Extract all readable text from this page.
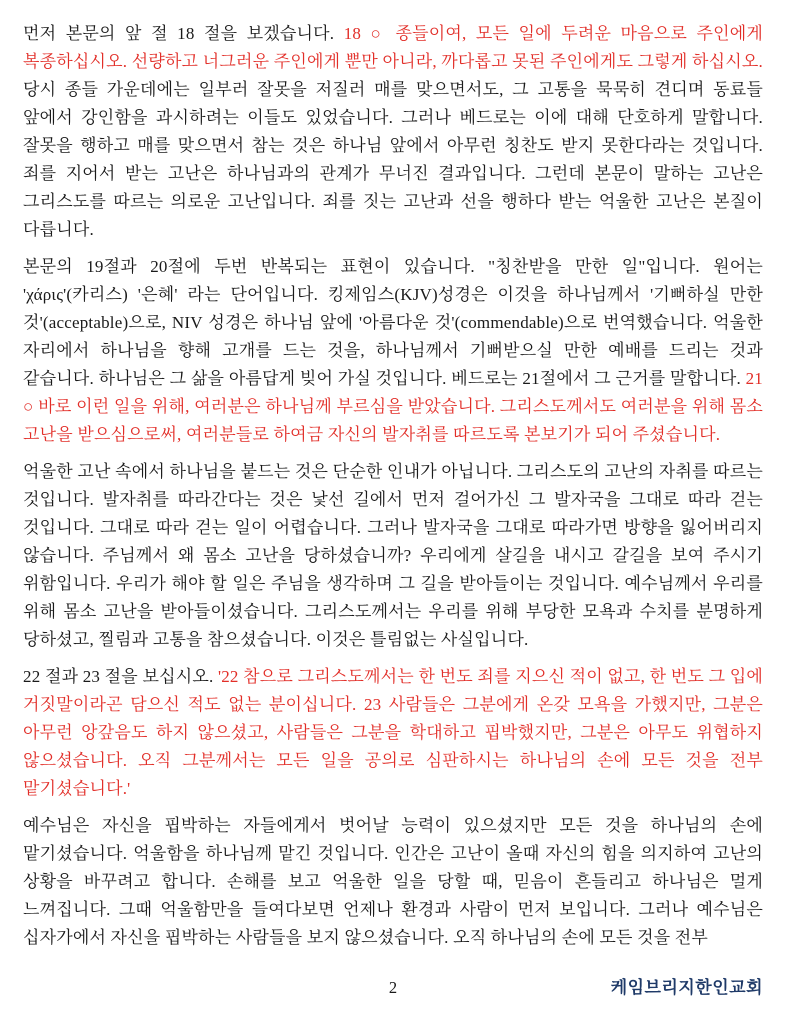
먼저 본문의 앞 절 18 절을 보겠습니다. 18 ○ 종들이여, 모든 일에 두려운 마음으로 주인에게 복종하십시오. 선량하고 너그러운 주인에게 뿐만 아니라, 까다롭고 못된 주인에게도 그렇게 하십시오. 당시 종들 가운데에는 일부러 잘못을 저질러 매를 맞으면서도, 그 고통을 묵묵히 견디며 동료들 앞에서 강인함을 과시하려는 이들도 있었습니다. 그러나 베드로는 이에 대해 단호하게 말합니다. 잘못을 행하고 매를 맞으면서 참는 것은 하나님 앞에서 아무런 칭찬도 받지 못한다라는 것입니다. 죄를 지어서 받는 고난은 하나님과의 관계가 무너진 결과입니다. 그런데 본문이 말하는 고난은 그리스도를 따르는 의로운 고난입니다. 죄를 짓는 고난과 선을 행하다 받는 억울한 고난은 본질이 다릅니다.

본문의 19절과 20절에 두번 반복되는 표현이 있습니다. "칭찬받을 만한 일"입니다. 원어는 'χάρις'(카리스) '은혜' 라는 단어입니다. 킹제임스(KJV)성경은 이것을 하나님께서 '기뻐하실 만한 것'(acceptable)으로, NIV 성경은 하나님 앞에 '아름다운 것'(commendable)으로 번역했습니다. 억울한 자리에서 하나님을 향해 고개를 드는 것을, 하나님께서 기뻐받으실 만한 예배를 드리는 것과 같습니다. 하나님은 그 삶을 아름답게 빚어 가실 것입니다. 베드로는 21절에서 그 근거를 말합니다. 21 ○ 바로 이런 일을 위해, 여러분은 하나님께 부르심을 받았습니다. 그리스도께서도 여러분을 위해 몸소 고난을 받으심으로써, 여러분들로 하여금 자신의 발자취를 따르도록 본보기가 되어 주셨습니다.

억울한 고난 속에서 하나님을 붙드는 것은 단순한 인내가 아닙니다. 그리스도의 고난의 자취를 따르는 것입니다. 발자취를 따라간다는 것은 낯선 길에서 먼저 걸어가신 그 발자국을 그대로 따라 걷는 것입니다. 그대로 따라 걷는 일이 어렵습니다. 그러나 발자국을 그대로 따라가면 방향을 잃어버리지 않습니다. 주님께서 왜 몸소 고난을 당하셨습니까? 우리에게 살길을 내시고 갈길을 보여 주시기 위함입니다. 우리가 해야 할 일은 주님을 생각하며 그 길을 받아들이는 것입니다. 예수님께서 우리를 위해 몸소 고난을 받아들이셨습니다. 그리스도께서는 우리를 위해 부당한 모욕과 수치를 분명하게 당하셨고, 찔림과 고통을 참으셨습니다. 이것은 틀림없는 사실입니다.

22 절과 23 절을 보십시오. '22 참으로 그리스도께서는 한 번도 죄를 지으신 적이 없고, 한 번도 그 입에 거짓말이라곤 담으신 적도 없는 분이십니다. 23 사람들은 그분에게 온갖 모욕을 가했지만, 그분은 아무런 앙갚음도 하지 않으셨고, 사람들은 그분을 학대하고 핍박했지만, 그분은 아무도 위협하지 않으셨습니다. 오직 그분께서는 모든 일을 공의로 심판하시는 하나님의 손에 모든 것을 전부 맡기셨습니다.'

예수님은 자신을 핍박하는 자들에게서 벗어날 능력이 있으셨지만 모든 것을 하나님의 손에 맡기셨습니다. 억울함을 하나님께 맡긴 것입니다. 인간은 고난이 올때 자신의 힘을 의지하여 고난의 상황을 바꾸려고 합니다. 손해를 보고 억울한 일을 당할 때, 믿음이 흔들리고 하나님은 멀게 느껴집니다. 그때 억울함만을 들여다보면 언제나 환경과 사람이 먼저 보입니다. 그러나 예수님은 십자가에서 자신을 핍박하는 사람들을 보지 않으셨습니다. 오직 하나님의 손에 모든 것을 전부

2	케임브리지한인교회
